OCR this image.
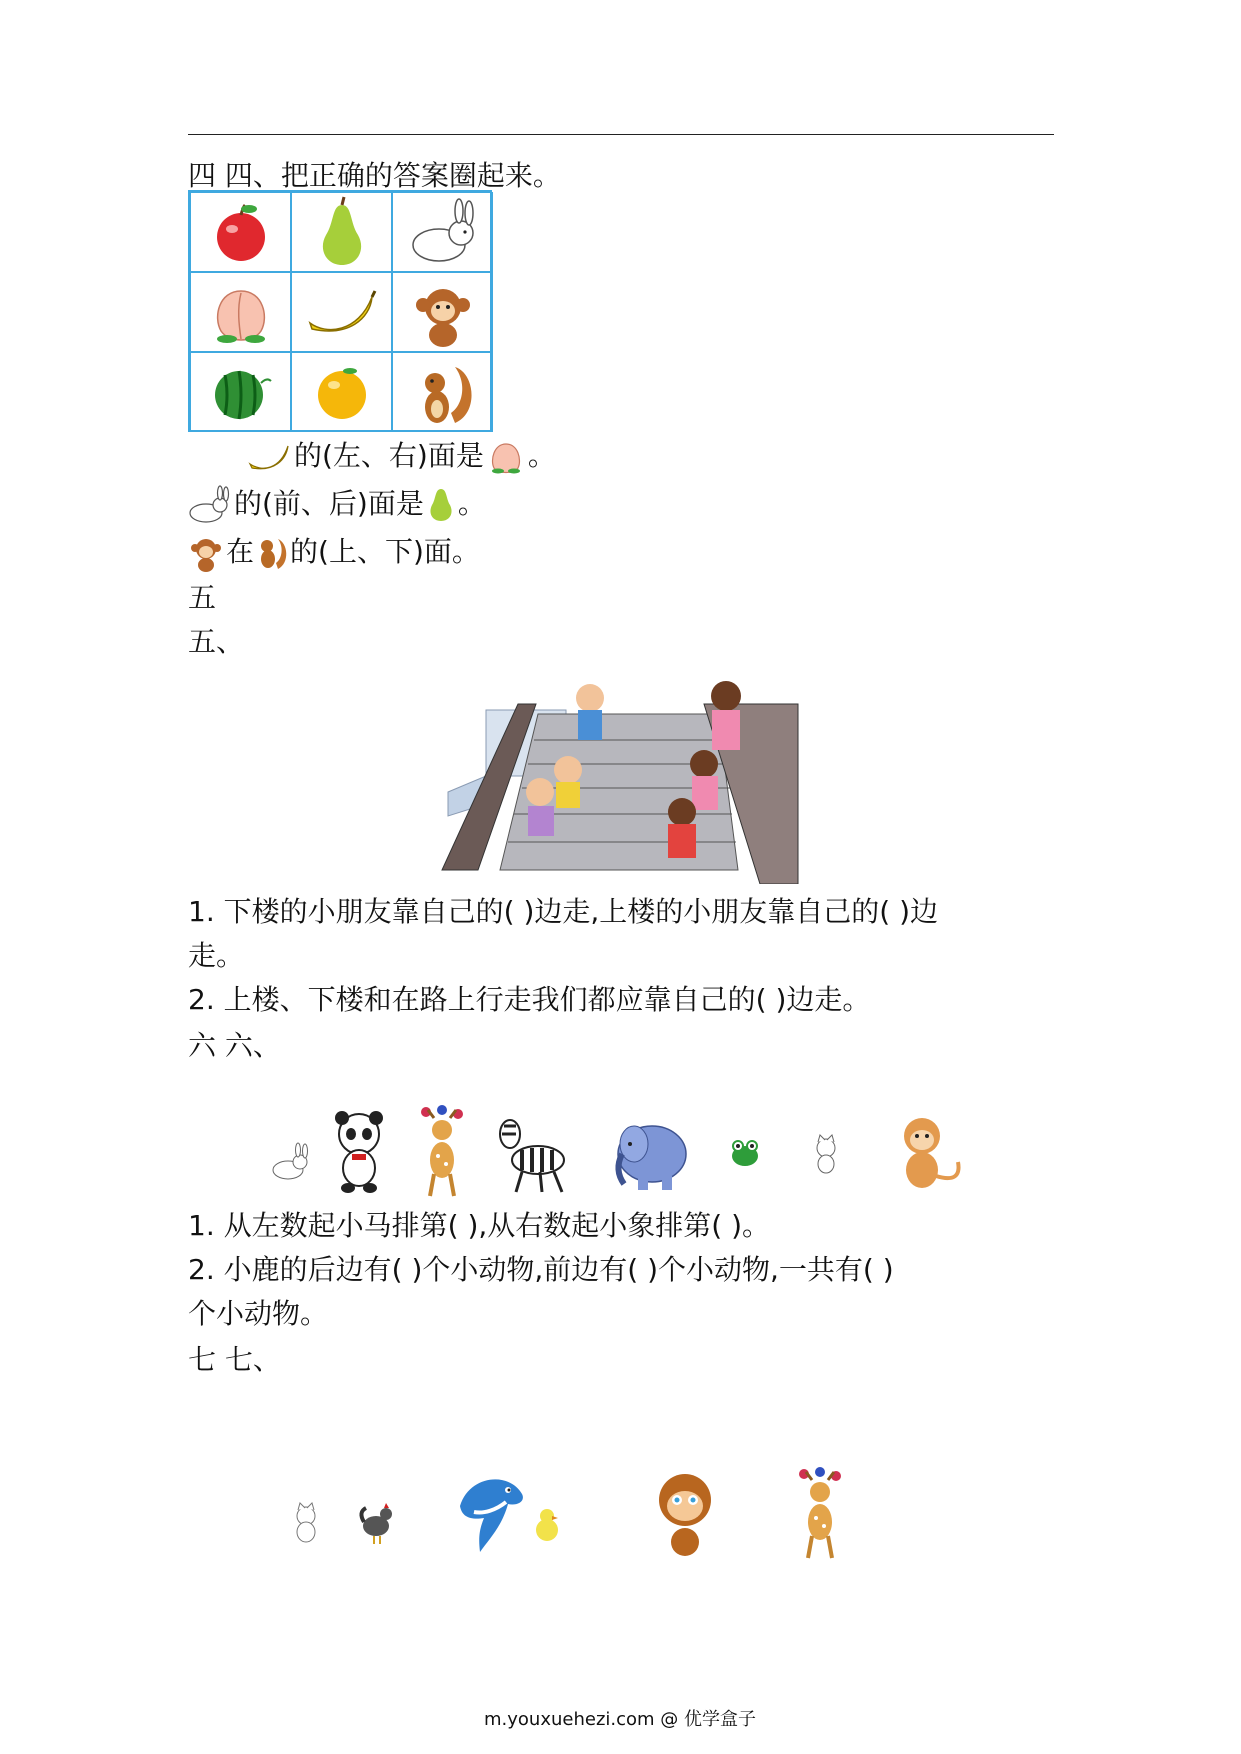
四 四、把正确的答案圈起来。
的(左、右)面是 。
的(前、后)面是 。
在 的(上、下)面。
五
五、
1. 下楼的小朋友靠自己的( )边走,上楼的小朋友靠自己的( )边
走。
2. 上楼、下楼和在路上行走我们都应靠自己的( )边走。
六 六、
1. 从左数起小马排第( ),从右数起小象排第( )。
2. 小鹿的后边有( )个小动物,前边有( )个小动物,一共有( )
个小动物。
七 七、
m.youxuehezi.com @ 优学盒子
